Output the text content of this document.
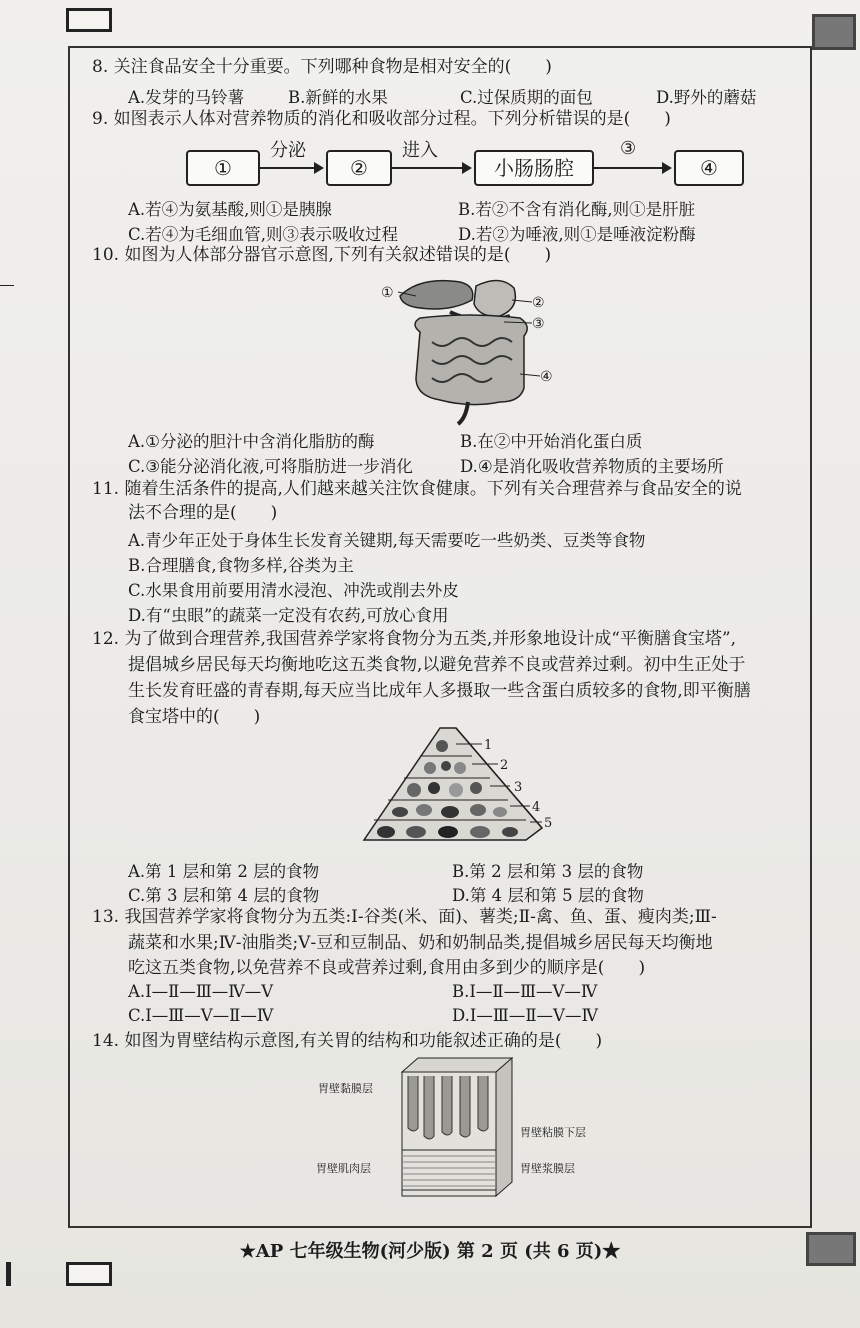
8. 关注食品安全十分重要。下列哪种食物是相对安全的(　　)
A.发芽的马铃薯	B.新鲜的水果	C.过保质期的面包	D.野外的蘑菇
9. 如图表示人体对营养物质的消化和吸收部分过程。下列分析错误的是(　　)
①
分泌
②
进入
小肠肠腔
③
④
A.若④为氨基酸,则①是胰腺	B.若②不含有消化酶,则①是肝脏
C.若④为毛细血管,则③表示吸收过程	D.若②为唾液,则①是唾液淀粉酶
10. 如图为人体部分器官示意图,下列有关叙述错误的是(　　)
①
②
③
④
A.①分泌的胆汁中含消化脂肪的酶	B.在②中开始消化蛋白质
C.③能分泌消化液,可将脂肪进一步消化	D.④是消化吸收营养物质的主要场所
11. 随着生活条件的提高,人们越来越关注饮食健康。下列有关合理营养与食品安全的说
法不合理的是(　　)
A.青少年正处于身体生长发育关键期,每天需要吃一些奶类、豆类等食物
B.合理膳食,食物多样,谷类为主
C.水果食用前要用清水浸泡、冲洗或削去外皮
D.有“虫眼”的蔬菜一定没有农药,可放心食用
12. 为了做到合理营养,我国营养学家将食物分为五类,并形象地设计成“平衡膳食宝塔”,
提倡城乡居民每天均衡地吃这五类食物,以避免营养不良或营养过剩。初中生正处于
生长发育旺盛的青春期,每天应当比成年人多摄取一些含蛋白质较多的食物,即平衡膳
食宝塔中的(　　)
1
2
3
4
5
A.第 1 层和第 2 层的食物	B.第 2 层和第 3 层的食物
C.第 3 层和第 4 层的食物	D.第 4 层和第 5 层的食物
13. 我国营养学家将食物分为五类:Ⅰ-谷类(米、面)、薯类;Ⅱ-禽、鱼、蛋、瘦肉类;Ⅲ-
蔬菜和水果;Ⅳ-油脂类;Ⅴ-豆和豆制品、奶和奶制品类,提倡城乡居民每天均衡地
吃这五类食物,以免营养不良或营养过剩,食用由多到少的顺序是(　　)
A.Ⅰ—Ⅱ—Ⅲ—Ⅳ—Ⅴ	B.Ⅰ—Ⅱ—Ⅲ—Ⅴ—Ⅳ
C.Ⅰ—Ⅲ—Ⅴ—Ⅱ—Ⅳ	D.Ⅰ—Ⅲ—Ⅱ—Ⅴ—Ⅳ
14. 如图为胃壁结构示意图,有关胃的结构和功能叙述正确的是(　　)
胃壁黏膜层
胃壁粘膜下层
胃壁肌肉层	胃壁浆膜层
★AP 七年级生物(河少版) 第 2 页 (共 6 页)★
